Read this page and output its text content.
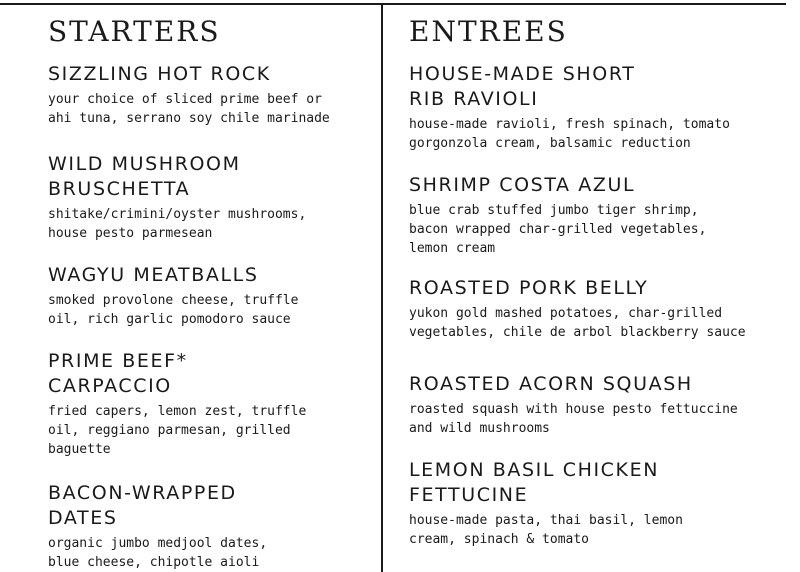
STARTERS
SIZZLING HOT ROCK
your choice of sliced prime beef or
ahi tuna, serrano soy chile marinade
WILD MUSHROOM
BRUSCHETTA
shitake/crimini/oyster mushrooms,
house pesto parmesean
WAGYU MEATBALLS
smoked provolone cheese, truffle
oil, rich garlic pomodoro sauce
PRIME BEEF*
CARPACCIO
fried capers, lemon zest, truffle
oil, reggiano parmesan, grilled
baguette
BACON-WRAPPED
DATES
organic jumbo medjool dates,
blue cheese, chipotle aioli
ENTREES
HOUSE-MADE SHORT
RIB RAVIOLI
house-made ravioli, fresh spinach, tomato
gorgonzola cream, balsamic reduction
SHRIMP COSTA AZUL
blue crab stuffed jumbo tiger shrimp,
bacon wrapped char-grilled vegetables,
lemon cream
ROASTED PORK BELLY
yukon gold mashed potatoes, char-grilled
vegetables, chile de arbol blackberry sauce
ROASTED ACORN SQUASH
roasted squash with house pesto fettuccine
and wild mushrooms
LEMON BASIL CHICKEN
FETTUCINE
house-made pasta, thai basil, lemon
cream, spinach & tomato
